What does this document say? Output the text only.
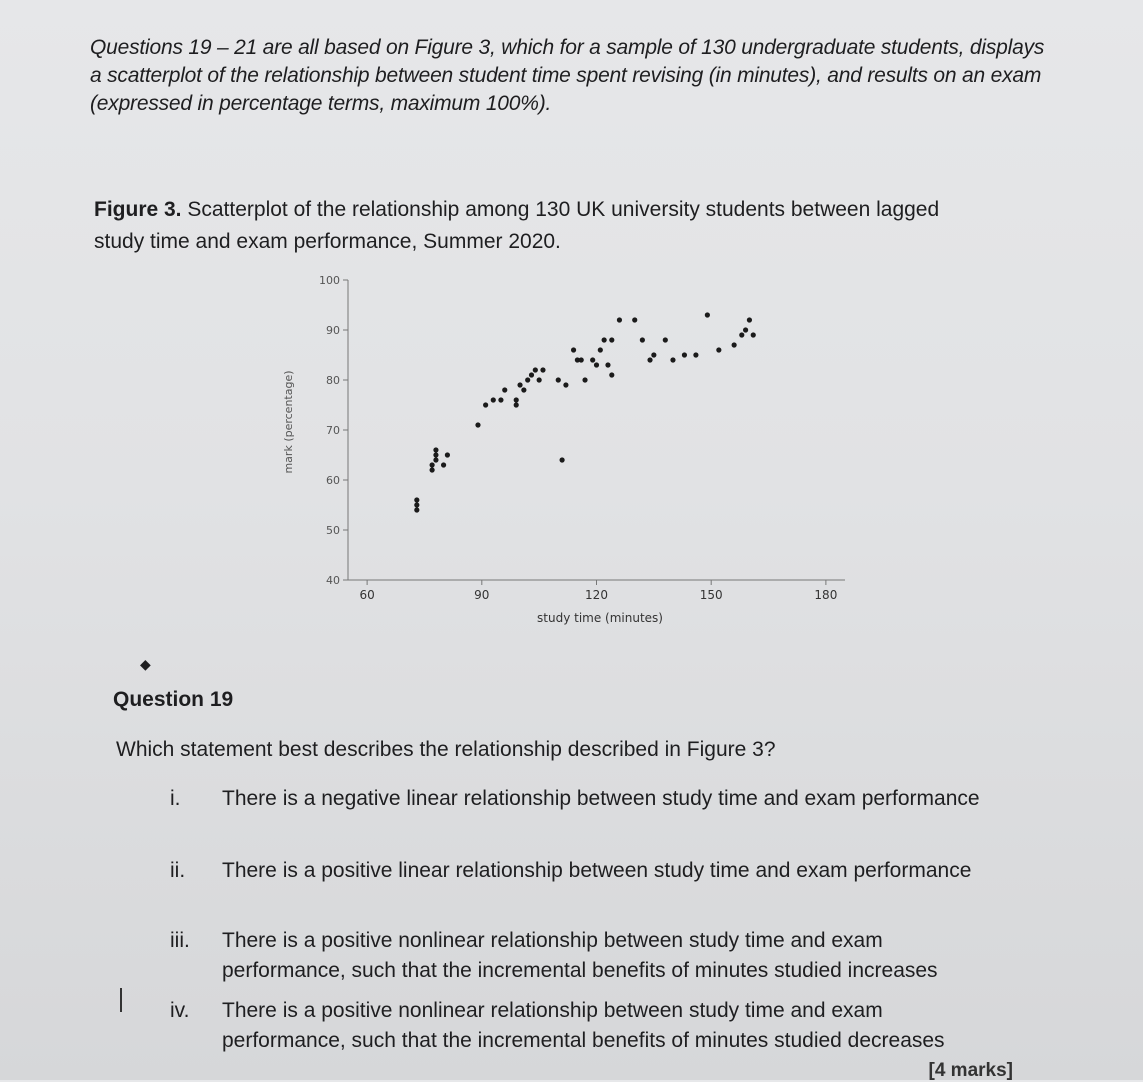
Questions 19 – 21 are all based on Figure 3, which for a sample of 130 undergraduate students, displays a scatterplot of the relationship between student time spent revising (in minutes), and results on an exam (expressed in percentage terms, maximum 100%).
Figure 3. Scatterplot of the relationship among 130 UK university students between lagged study time and exam performance, Summer 2020.
40
50
60
70
80
90
100
60	90	120	150	180
study time (minutes)
mark (percentage)
◆
Question 19
Which statement best describes the relationship described in Figure 3?
i.	There is a negative linear relationship between study time and exam performance
ii.	There is a positive linear relationship between study time and exam performance
iii.	There is a positive nonlinear relationship between study time and exam performance, such that the incremental benefits of minutes studied increases
iv.	There is a positive nonlinear relationship between study time and exam performance, such that the incremental benefits of minutes studied decreases
[4 marks]
